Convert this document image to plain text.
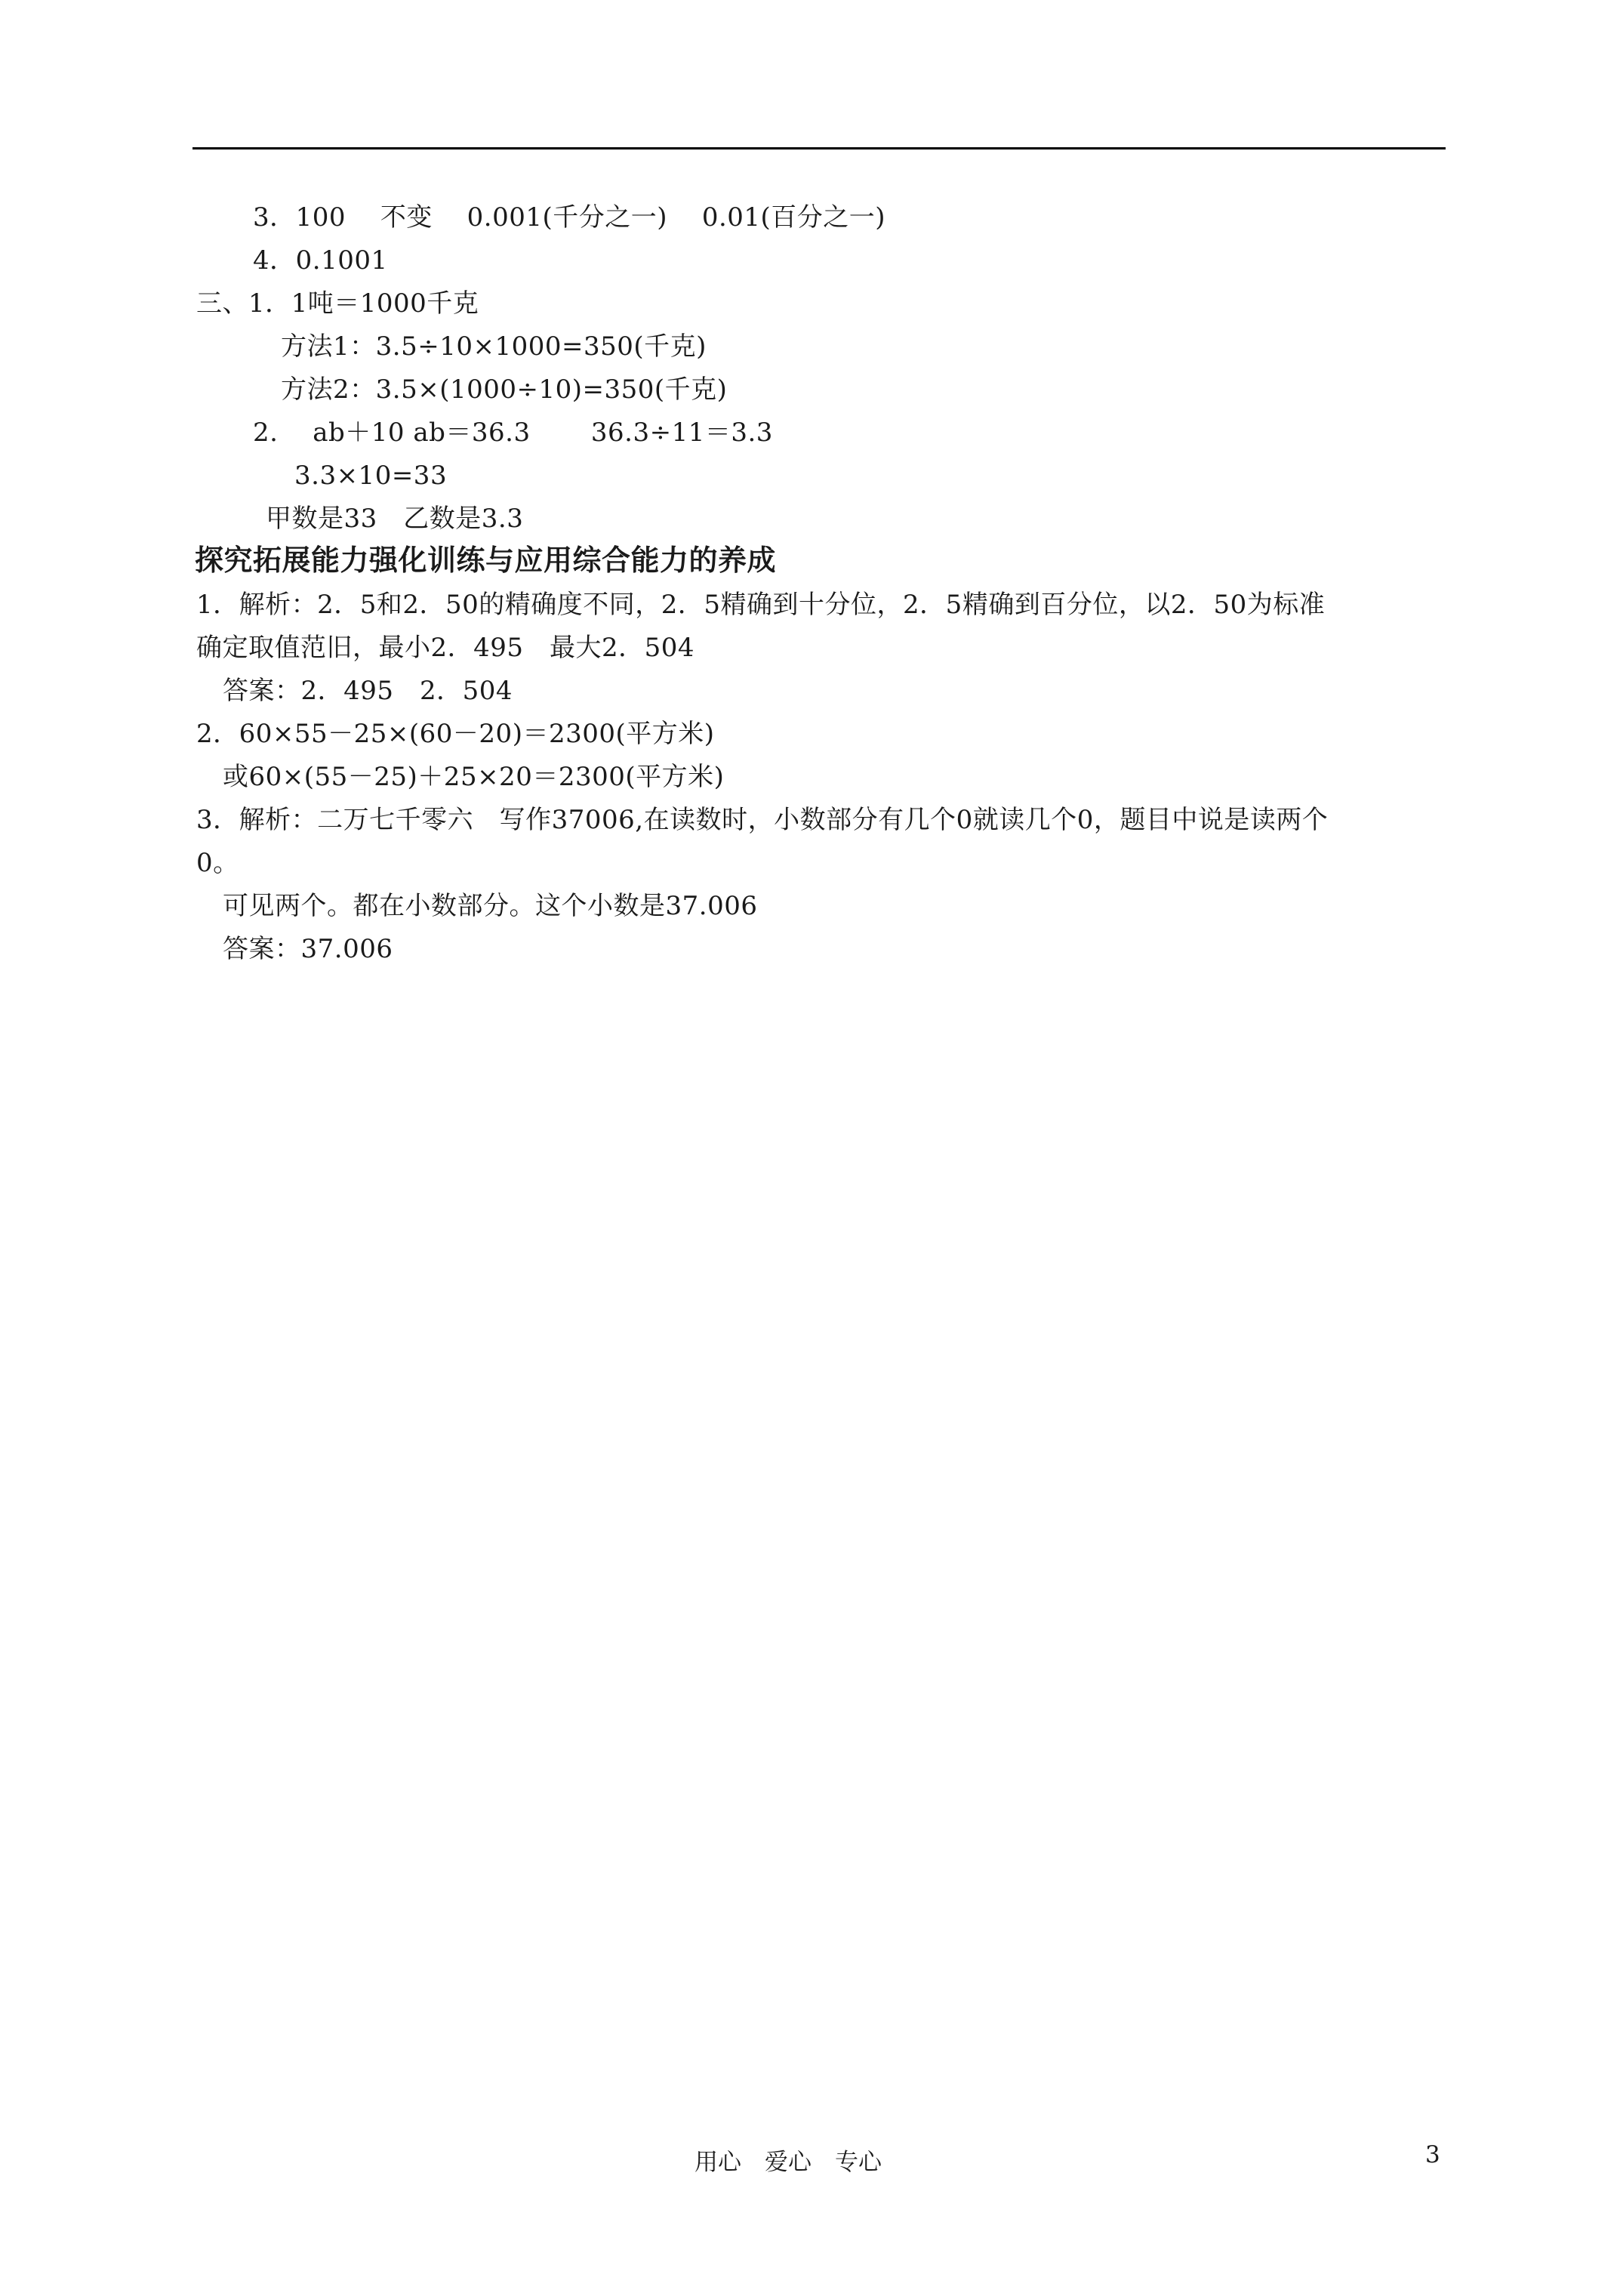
3．100　 不变　 0.001(千分之一)　 0.01(百分之一)
4．0.1001
三、1．1吨＝1000千克
方法1：3.5÷10×1000=350(千克)
方法2：3.5×(1000÷10)=350(千克)
2.　 ab＋10 ab＝36.3　　 36.3÷11＝3.3
3.3×10=33
甲数是33　乙数是3.3
探究拓展能力强化训练与应用综合能力的养成
1．解析：2．5和2．50的精确度不同，2．5精确到十分位，2．5精确到百分位，以2．50为标准
确定取值范旧，最小2．495　最大2．504
答案：2．495　2．504
2．60×55－25×(60－20)＝2300(平方米)
或60×(55－25)＋25×20＝2300(平方米)
3．解析：二万七千零六　写作37006,在读数时，小数部分有几个0就读几个0，题目中说是读两个
0。
可见两个。都在小数部分。这个小数是37.006
答案：37.006
用心　爱心　专心	3
